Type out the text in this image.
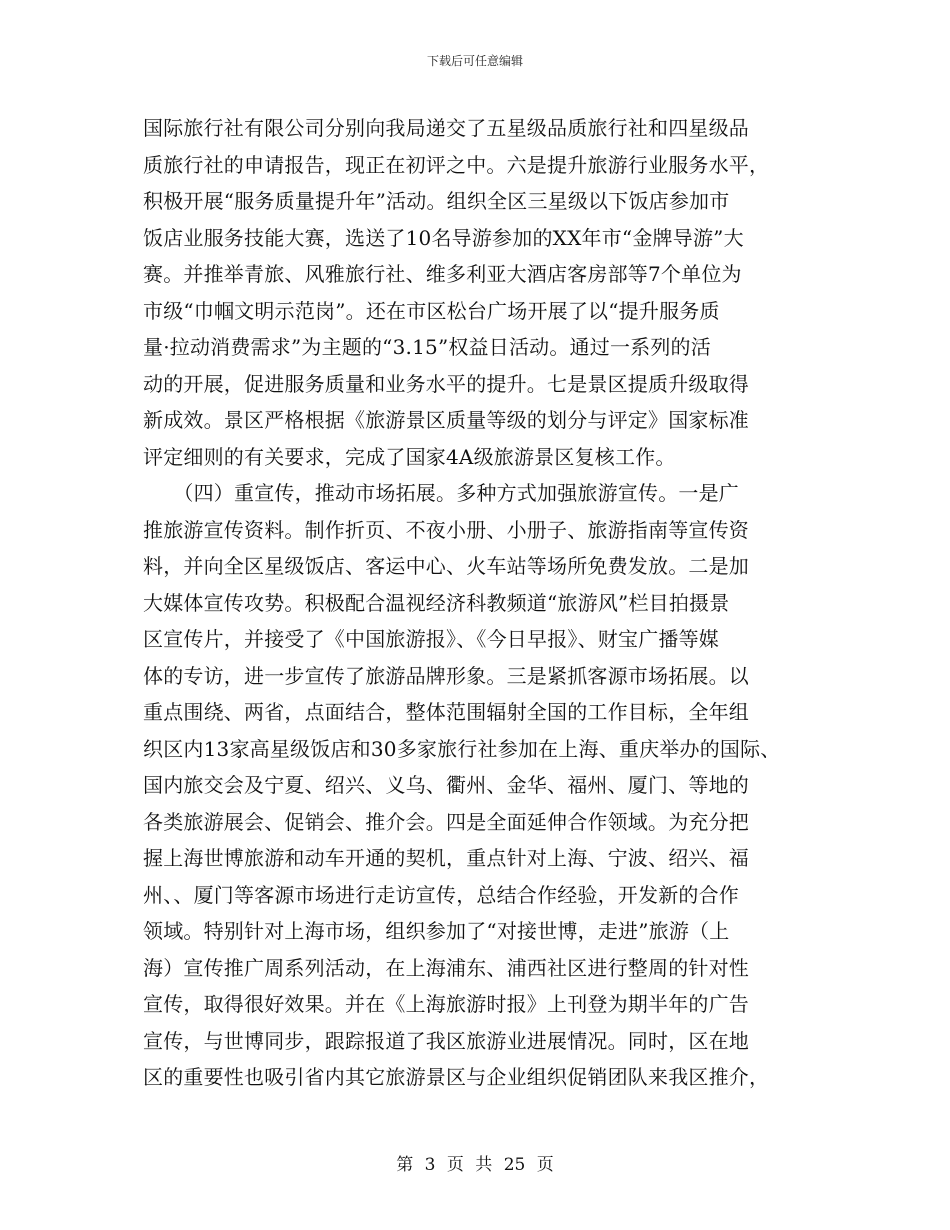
下载后可任意编辑
国际旅行社有限公司分别向我局递交了五星级品质旅行社和四星级品
质旅行社的申请报告，现正在初评之中。六是提升旅游行业服务水平，
积极开展“服务质量提升年”活动。组织全区三星级以下饭店参加市
饭店业服务技能大赛，选送了10名导游参加的XX年市“金牌导游”大
赛。并推举青旅、风雅旅行社、维多利亚大酒店客房部等7个单位为
市级“巾帼文明示范岗”。还在市区松台广场开展了以“提升服务质
量·拉动消费需求”为主题的“3.15”权益日活动。通过一系列的活
动的开展，促进服务质量和业务水平的提升。七是景区提质升级取得
新成效。景区严格根据《旅游景区质量等级的划分与评定》国家标准
评定细则的有关要求，完成了国家4A级旅游景区复核工作。
　　（四）重宣传，推动市场拓展。多种方式加强旅游宣传。一是广
推旅游宣传资料。制作折页、不夜小册、小册子、旅游指南等宣传资
料，并向全区星级饭店、客运中心、火车站等场所免费发放。二是加
大媒体宣传攻势。积极配合温视经济科教频道“旅游风”栏目拍摄景
区宣传片，并接受了《中国旅游报》、《今日早报》、财宝广播等媒
体的专访，进一步宣传了旅游品牌形象。三是紧抓客源市场拓展。以
重点围绕、两省，点面结合，整体范围辐射全国的工作目标，全年组
织区内13家高星级饭店和30多家旅行社参加在上海、重庆举办的国际、
国内旅交会及宁夏、绍兴、义乌、衢州、金华、福州、厦门、等地的
各类旅游展会、促销会、推介会。四是全面延伸合作领域。为充分把
握上海世博旅游和动车开通的契机，重点针对上海、宁波、绍兴、福
州、、厦门等客源市场进行走访宣传，总结合作经验，开发新的合作
领域。特别针对上海市场，组织参加了“对接世博，走进”旅游（上
海）宣传推广周系列活动，在上海浦东、浦西社区进行整周的针对性
宣传，取得很好效果。并在《上海旅游时报》上刊登为期半年的广告
宣传，与世博同步，跟踪报道了我区旅游业进展情况。同时，区在地
区的重要性也吸引省内其它旅游景区与企业组织促销团队来我区推介，
第 3 页 共 25 页
